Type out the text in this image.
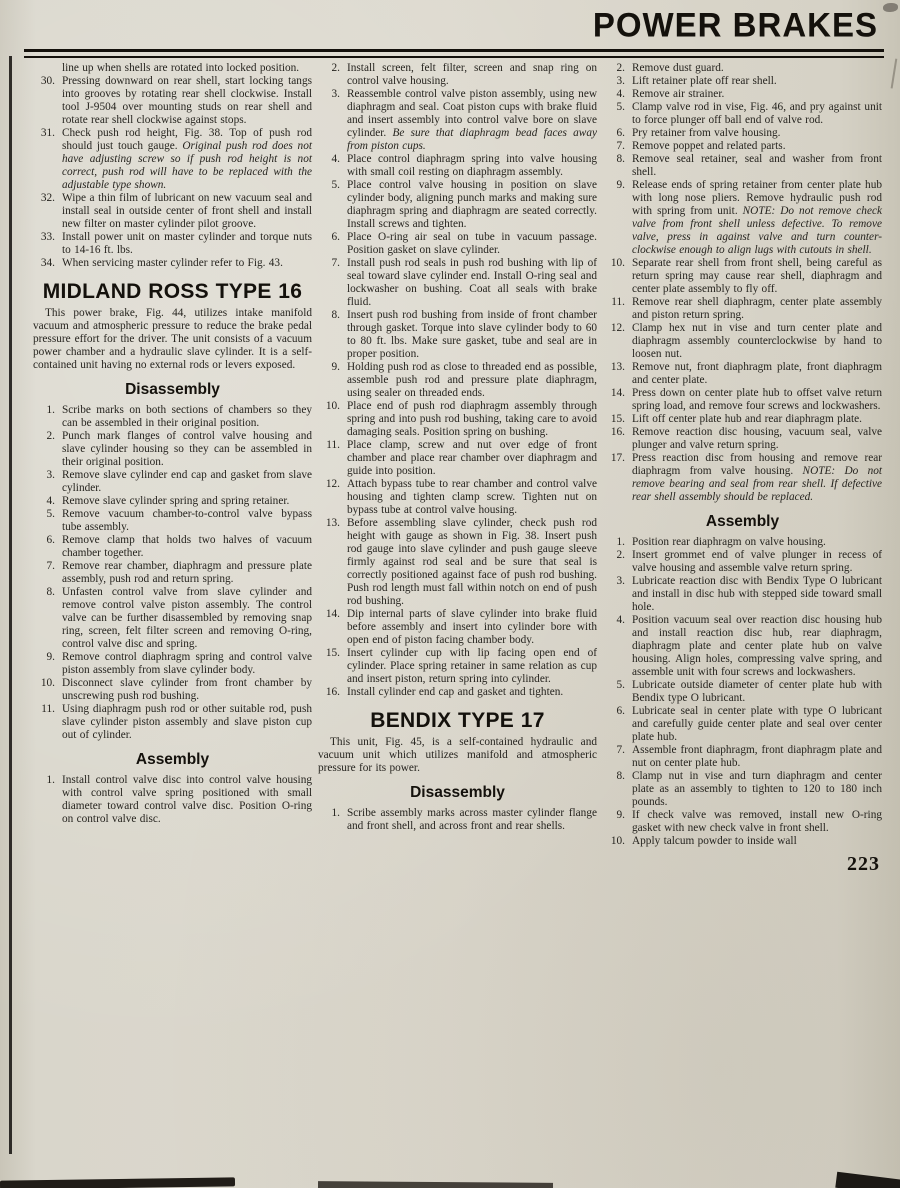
POWER BRAKES
line up when shells are rotated into locked position.
30. Pressing downward on rear shell, start locking tangs into grooves by rotating rear shell clockwise. Install tool J-9504 over mounting studs on rear shell and rotate rear shell clockwise against stops.
31. Check push rod height, Fig. 38. Top of push rod should just touch gauge. Original push rod does not have adjusting screw so if push rod height is not correct, push rod will have to be replaced with the adjustable type shown.
32. Wipe a thin film of lubricant on new vacuum seal and install seal in outside center of front shell and install new filter on master cylinder pilot groove.
33. Install power unit on master cylinder and torque nuts to 14-16 ft. lbs.
34. When servicing master cylinder refer to Fig. 43.
MIDLAND ROSS TYPE 16

This power brake, Fig. 44, utilizes intake manifold vacuum and atmospheric pressure to reduce the brake pedal pressure effort for the driver. The unit consists of a vacuum power chamber and a hydraulic slave cylinder. It is a self-contained unit having no external rods or levers exposed.

Disassembly
1. Scribe marks on both sections of chambers so they can be assembled in their original position.
2. Punch mark flanges of control valve housing and slave cylinder housing so they can be assembled in their original position.
3. Remove slave cylinder end cap and gasket from slave cylinder.
4. Remove slave cylinder spring and spring retainer.
5. Remove vacuum chamber-to-control valve bypass tube assembly.
6. Remove clamp that holds two halves of vacuum chamber together.
7. Remove rear chamber, diaphragm and pressure plate assembly, push rod and return spring.
8. Unfasten control valve from slave cylinder and remove control valve piston assembly. The control valve can be further disassembled by removing snap ring, screen, felt filter screen and removing O-ring, control valve disc and spring.
9. Remove control diaphragm spring and control valve piston assembly from slave cylinder body.
10. Disconnect slave cylinder from front chamber by unscrewing push rod bushing.
11. Using diaphragm push rod or other suitable rod, push slave cylinder piston assembly and slave piston cup out of cylinder.
Assembly
1. Install control valve disc into control valve housing with control valve spring positioned with small diameter toward control valve disc. Position O-ring on control valve disc.
2. Install screen, felt filter, screen and snap ring on control valve housing.
3. Reassemble control valve piston assembly, using new diaphragm and seal. Coat piston cups with brake fluid and insert assembly into control valve bore on slave cylinder. Be sure that diaphragm bead faces away from piston cups.
4. Place control diaphragm spring into valve housing with small coil resting on diaphragm assembly.
5. Place control valve housing in position on slave cylinder body, aligning punch marks and making sure diaphragm spring and diaphragm are seated correctly. Install screws and tighten.
6. Place O-ring air seal on tube in vacuum passage. Position gasket on slave cylinder.
7. Install push rod seals in push rod bushing with lip of seal toward slave cylinder end. Install O-ring seal and lockwasher on bushing. Coat all seals with brake fluid.
8. Insert push rod bushing from inside of front chamber through gasket. Torque into slave cylinder body to 60 to 80 ft. lbs. Make sure gasket, tube and seal are in proper position.
9. Holding push rod as close to threaded end as possible, assemble push rod and pressure plate diaphragm, using sealer on threaded ends.
10. Place end of push rod diaphragm assembly through spring and into push rod bushing, taking care to avoid damaging seals. Position spring on bushing.
11. Place clamp, screw and nut over edge of front chamber and place rear chamber over diaphragm and guide into position.
12. Attach bypass tube to rear chamber and control valve housing and tighten clamp screw. Tighten nut on bypass tube at control valve housing.
13. Before assembling slave cylinder, check push rod height with gauge as shown in Fig. 38. Insert push rod gauge into slave cylinder and push gauge sleeve firmly against rod seal and be sure that seal is correctly positioned against face of push rod bushing. Push rod length must fall within notch on end of push rod bushing.
14. Dip internal parts of slave cylinder into brake fluid before assembly and insert into cylinder bore with open end of piston facing chamber body.
15. Insert cylinder cup with lip facing open end of cylinder. Place spring retainer in same relation as cup and insert piston, return spring into cylinder.
16. Install cylinder end cap and gasket and tighten.
BENDIX TYPE 17

This unit, Fig. 45, is a self-contained hydraulic and vacuum unit which utilizes manifold and atmospheric pressure for its power.

Disassembly
1. Scribe assembly marks across master cylinder flange and front shell, and across front and rear shells.
2. Remove dust guard.
3. Lift retainer plate off rear shell.
4. Remove air strainer.
5. Clamp valve rod in vise, Fig. 46, and pry against unit to force plunger off ball end of valve rod.
6. Pry retainer from valve housing.
7. Remove poppet and related parts.
8. Remove seal retainer, seal and washer from front shell.
9. Release ends of spring retainer from center plate hub with long nose pliers. Remove hydraulic push rod with spring from unit. NOTE: Do not remove check valve from front shell unless defective. To remove valve, press in against valve and turn counter-clockwise enough to align lugs with cutouts in shell.
10. Separate rear shell from front shell, being careful as return spring may cause rear shell, diaphragm and center plate assembly to fly off.
11. Remove rear shell diaphragm, center plate assembly and piston return spring.
12. Clamp hex nut in vise and turn center plate and diaphragm assembly counterclockwise by hand to loosen nut.
13. Remove nut, front diaphragm plate, front diaphragm and center plate.
14. Press down on center plate hub to offset valve return spring load, and remove four screws and lockwashers.
15. Lift off center plate hub and rear diaphragm plate.
16. Remove reaction disc housing, vacuum seal, valve plunger and valve return spring.
17. Press reaction disc from housing and remove rear diaphragm from valve housing. NOTE: Do not remove bearing and seal from rear shell. If defective rear shell assembly should be replaced.
Assembly
1. Position rear diaphragm on valve housing.
2. Insert grommet end of valve plunger in recess of valve housing and assemble valve return spring.
3. Lubricate reaction disc with Bendix Type O lubricant and install in disc hub with stepped side toward small hole.
4. Position vacuum seal over reaction disc housing hub and install reaction disc hub, rear diaphragm, diaphragm plate and center plate hub on valve housing. Align holes, compressing valve spring, and assemble unit with four screws and lockwashers.
5. Lubricate outside diameter of center plate hub with Bendix type O lubricant.
6. Lubricate seal in center plate with type O lubricant and carefully guide center plate and seal over center plate hub.
7. Assemble front diaphragm, front diaphragm plate and nut on center plate hub.
8. Clamp nut in vise and turn diaphragm and center plate as an assembly to tighten to 120 to 180 inch pounds.
9. If check valve was removed, install new O-ring gasket with new check valve in front shell.
10. Apply talcum powder to inside wall
223
